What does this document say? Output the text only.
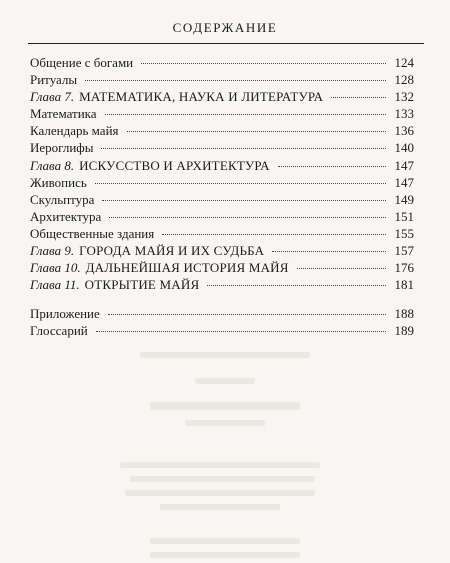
СОДЕРЖАНИЕ
Общение с богами	124
Ритуалы	128
Глава 7. МАТЕМАТИКА, НАУКА И ЛИТЕРАТУРА	132
Математика	133
Календарь майя	136
Иероглифы	140
Глава 8. ИСКУССТВО И АРХИТЕКТУРА	147
Живопись	147
Скульптура	149
Архитектура	151
Общественные здания	155
Глава 9. ГОРОДА МАЙЯ И ИХ СУДЬБА	157
Глава 10. ДАЛЬНЕЙШАЯ ИСТОРИЯ МАЙЯ	176
Глава 11. ОТКРЫТИЕ МАЙЯ	181
Приложение	188
Глоссарий	189
